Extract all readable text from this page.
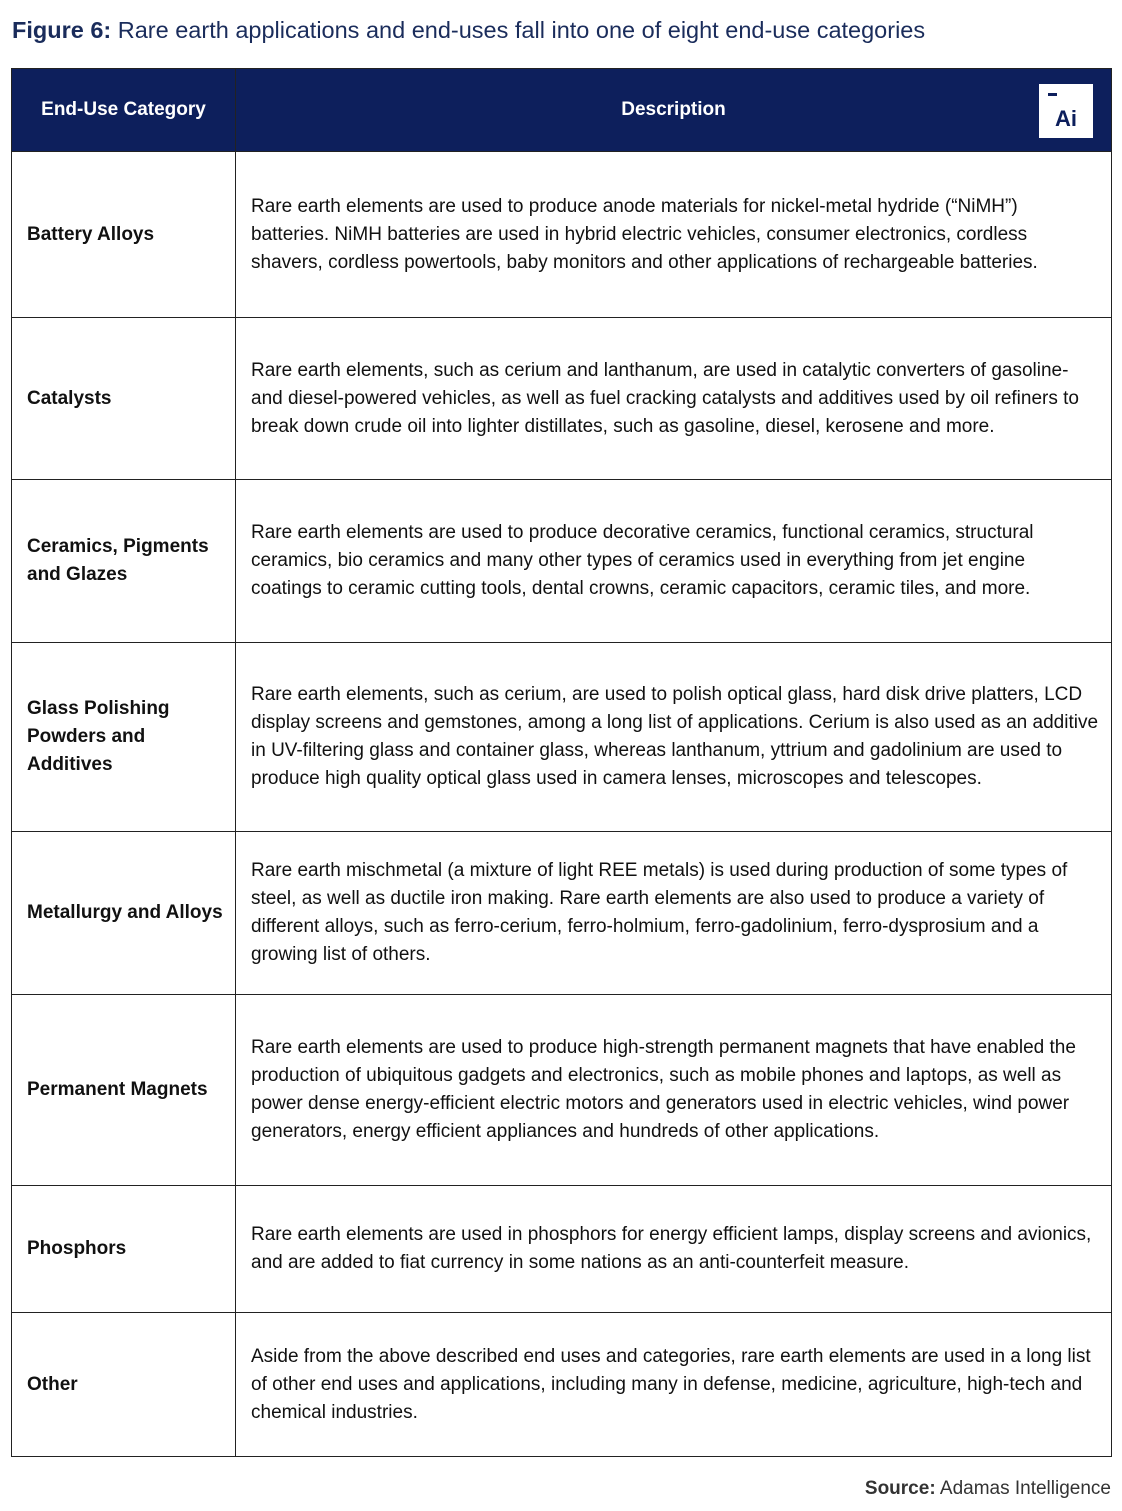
Figure 6: Rare earth applications and end-uses fall into one of eight end-use categories
End-Use Category	Description Ai

Battery Alloys	Rare earth elements are used to produce anode materials for nickel-metal hydride (“NiMH”) batteries. NiMH batteries are used in hybrid electric vehicles, consumer electronics, cordless shavers, cordless powertools, baby monitors and other applications of rechargeable batteries.
Catalysts	Rare earth elements, such as cerium and lanthanum, are used in catalytic converters of gasoline- and diesel-powered vehicles, as well as fuel cracking catalysts and additives used by oil refiners to break down crude oil into lighter distillates, such as gasoline, diesel, kerosene and more.
Ceramics, Pigments and Glazes	Rare earth elements are used to produce decorative ceramics, functional ceramics, structural ceramics, bio ceramics and many other types of ceramics used in everything from jet engine coatings to ceramic cutting tools, dental crowns, ceramic capacitors, ceramic tiles, and more.
Glass Polishing Powders and Additives	Rare earth elements, such as cerium, are used to polish optical glass, hard disk drive platters, LCD display screens and gemstones, among a long list of applications. Cerium is also used as an additive in UV-filtering glass and container glass, whereas lanthanum, yttrium and gadolinium are used to produce high quality optical glass used in camera lenses, microscopes and telescopes.
Metallurgy and Alloys	Rare earth mischmetal (a mixture of light REE metals) is used during production of some types of steel, as well as ductile iron making. Rare earth elements are also used to produce a variety of different alloys, such as ferro-cerium, ferro-holmium, ferro-gadolinium, ferro-dysprosium and a growing list of others.
Permanent Magnets	Rare earth elements are used to produce high-strength permanent magnets that have enabled the production of ubiquitous gadgets and electronics, such as mobile phones and laptops, as well as power dense energy-efficient electric motors and generators used in electric vehicles, wind power generators, energy efficient appliances and hundreds of other applications.
Phosphors	Rare earth elements are used in phosphors for energy efficient lamps, display screens and avionics, and are added to fiat currency in some nations as an anti-counterfeit measure.
Other	Aside from the above described end uses and categories, rare earth elements are used in a long list of other end uses and applications, including many in defense, medicine, agriculture, high-tech and chemical industries.
Source: Adamas Intelligence
